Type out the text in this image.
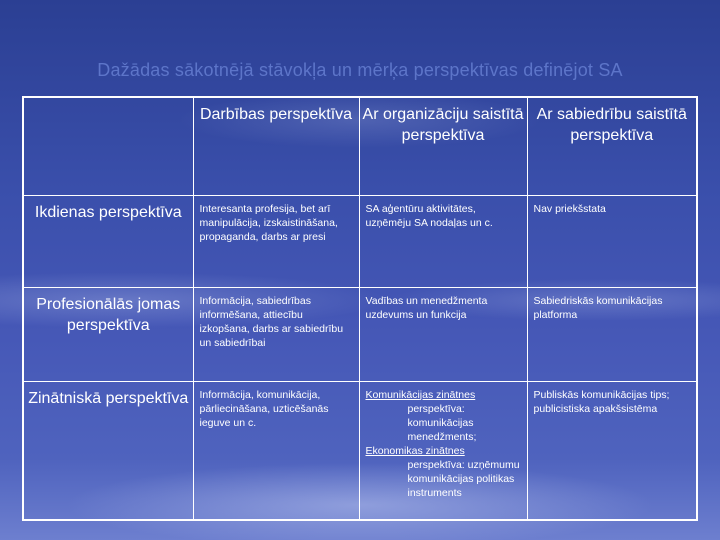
Dažādas sākotnējā stāvokļa un mērķa perspektīvas definējot SA
	Darbības perspektīva	Ar organizāciju saistītā perspektīva	Ar sabiedrību saistītā perspektīva
Ikdienas perspektīva	Interesanta profesija, bet arī manipulācija, izskaistināšana, propaganda, darbs ar presi	SA aģentūru aktivitātes, uzņēmēju SA nodaļas un c.	Nav priekšstata
Profesionālās jomas perspektīva	Informācija, sabiedrības informēšana, attiecību izkopšana, darbs ar sabiedrību un sabiedrībai	Vadības un menedžmenta uzdevums un funkcija	Sabiedriskās komunikācijas platforma
Zinātniskā perspektīva	Informācija, komunikācija, pārliecināšana, uzticēšanās ieguve un c.	Komunikācijas zinātnes
perspektīva: komunikācijas menedžments;
Ekonomikas zinātnes
perspektīva: uzņēmumu komunikācijas politikas instruments	Publiskās komunikācijas tips; publicistiska apakšsistēma
